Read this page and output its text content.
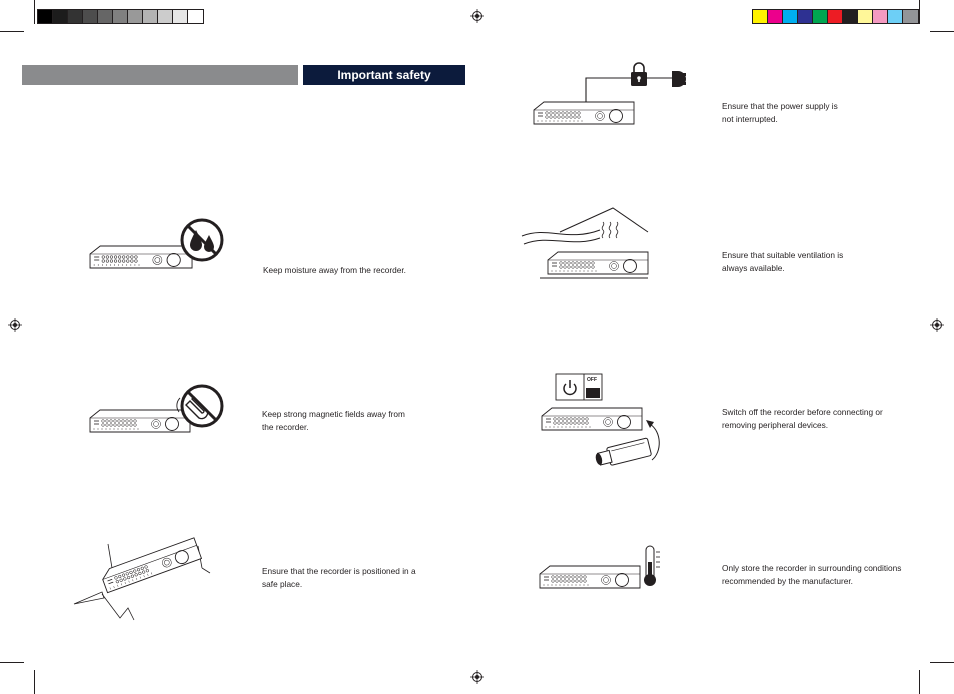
Important safety information
Keep moisture away from the recorder.
Keep strong magnetic fields away from the recorder.
Ensure that the recorder is positioned in a safe place.
Ensure that the power supply is not interrupted.
Ensure that suitable ventilation is always available.
OFF
Switch off the recorder before connecting or removing peripheral devices.
Only store the recorder in surrounding conditions recommended by the manufacturer.
